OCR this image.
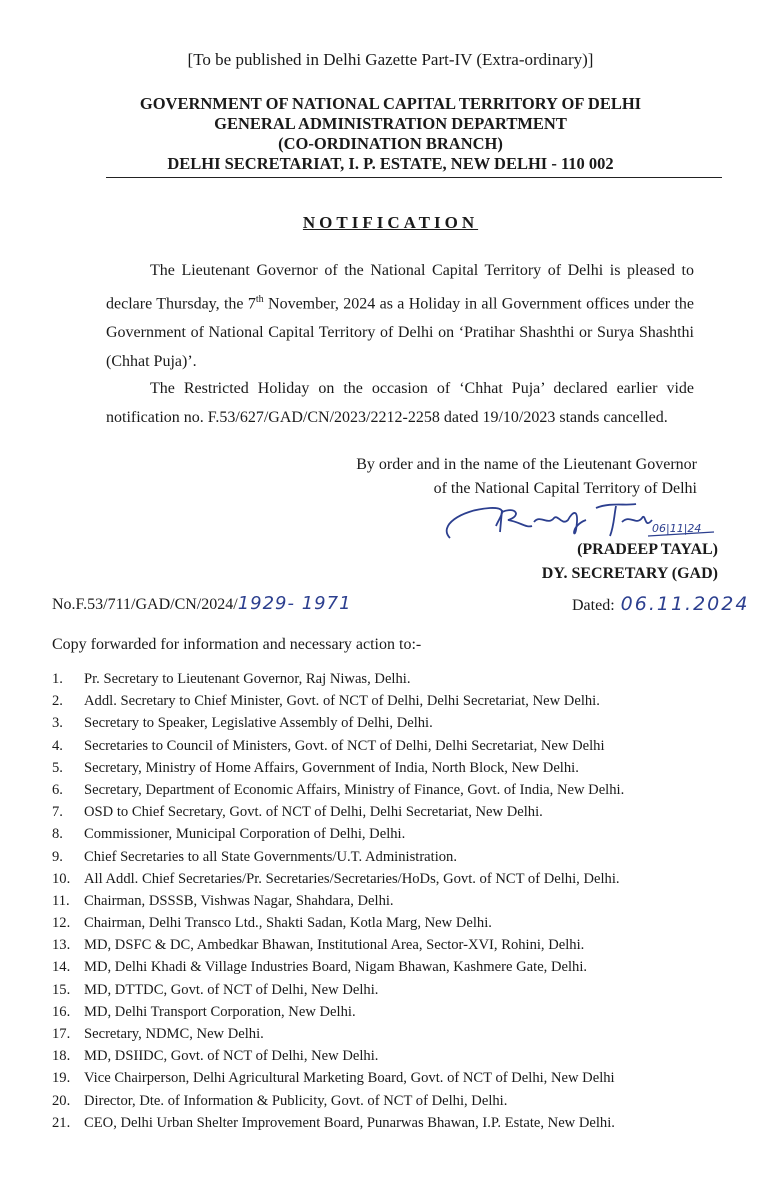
[To be published in Delhi Gazette Part-IV (Extra-ordinary)]
GOVERNMENT OF NATIONAL CAPITAL TERRITORY OF DELHI
GENERAL ADMINISTRATION DEPARTMENT
(CO-ORDINATION BRANCH)
DELHI SECRETARIAT, I. P. ESTATE, NEW DELHI - 110 002
NOTIFICATION
The Lieutenant Governor of the National Capital Territory of Delhi is pleased to declare Thursday, the 7th November, 2024 as a Holiday in all Government offices under the Government of National Capital Territory of Delhi on ‘Pratihar Shashthi or Surya Shashthi (Chhat Puja)’.
The Restricted Holiday on the occasion of ‘Chhat Puja’ declared earlier vide notification no. F.53/627/GAD/CN/2023/2212-2258 dated 19/10/2023 stands cancelled.
By order and in the name of the Lieutenant Governor
of the National Capital Territory of Delhi
06|11|24
(PRADEEP TAYAL)
DY. SECRETARY (GAD)
No.F.53/711/GAD/CN/2024/1929- 1971	Dated: 06.11.2024
Copy forwarded for information and necessary action to:-
1. Pr. Secretary to Lieutenant Governor, Raj Niwas, Delhi.
2. Addl. Secretary to Chief Minister, Govt. of NCT of Delhi, Delhi Secretariat, New Delhi.
3. Secretary to Speaker, Legislative Assembly of Delhi, Delhi.
4. Secretaries to Council of Ministers, Govt. of NCT of Delhi, Delhi Secretariat, New Delhi
5. Secretary, Ministry of Home Affairs, Government of India, North Block, New Delhi.
6. Secretary, Department of Economic Affairs, Ministry of Finance, Govt. of India, New Delhi.
7. OSD to Chief Secretary, Govt. of NCT of Delhi, Delhi Secretariat, New Delhi.
8. Commissioner, Municipal Corporation of Delhi, Delhi.
9. Chief Secretaries to all State Governments/U.T. Administration.
10. All Addl. Chief Secretaries/Pr. Secretaries/Secretaries/HoDs, Govt. of NCT of Delhi, Delhi.
11. Chairman, DSSSB, Vishwas Nagar, Shahdara, Delhi.
12. Chairman, Delhi Transco Ltd., Shakti Sadan, Kotla Marg, New Delhi.
13. MD, DSFC & DC, Ambedkar Bhawan, Institutional Area, Sector-XVI, Rohini, Delhi.
14. MD, Delhi Khadi & Village Industries Board, Nigam Bhawan, Kashmere Gate, Delhi.
15. MD, DTTDC, Govt. of NCT of Delhi, New Delhi.
16. MD, Delhi Transport Corporation, New Delhi.
17. Secretary, NDMC, New Delhi.
18. MD, DSIIDC, Govt. of NCT of Delhi, New Delhi.
19. Vice Chairperson, Delhi Agricultural Marketing Board, Govt. of NCT of Delhi, New Delhi
20. Director, Dte. of Information & Publicity, Govt. of NCT of Delhi, Delhi.
21. CEO, Delhi Urban Shelter Improvement Board, Punarwas Bhawan, I.P. Estate, New Delhi.
